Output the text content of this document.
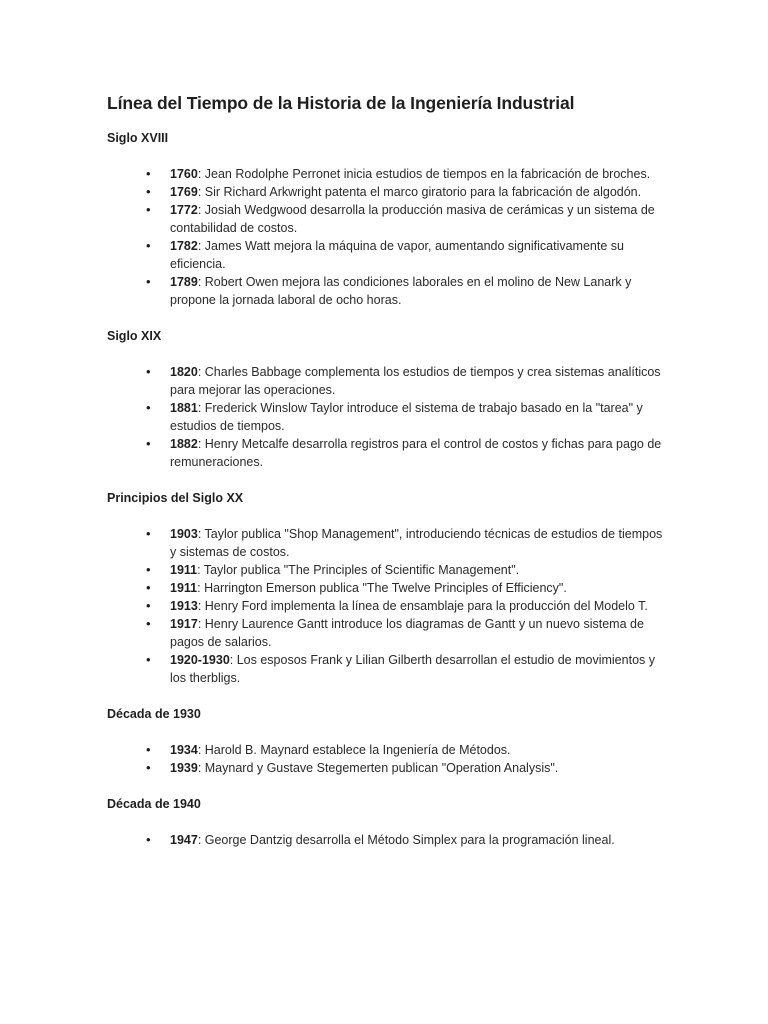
Línea del Tiempo de la Historia de la Ingeniería Industrial
Siglo XVIII
• 1760: Jean Rodolphe Perronet inicia estudios de tiempos en la fabricación de broches.
• 1769: Sir Richard Arkwright patenta el marco giratorio para la fabricación de algodón.
• 1772: Josiah Wedgwood desarrolla la producción masiva de cerámicas y un sistema de contabilidad de costos.
• 1782: James Watt mejora la máquina de vapor, aumentando significativamente su eficiencia.
• 1789: Robert Owen mejora las condiciones laborales en el molino de New Lanark y propone la jornada laboral de ocho horas.
Siglo XIX
• 1820: Charles Babbage complementa los estudios de tiempos y crea sistemas analíticos para mejorar las operaciones.
• 1881: Frederick Winslow Taylor introduce el sistema de trabajo basado en la "tarea" y estudios de tiempos.
• 1882: Henry Metcalfe desarrolla registros para el control de costos y fichas para pago de remuneraciones.
Principios del Siglo XX
• 1903: Taylor publica "Shop Management", introduciendo técnicas de estudios de tiempos y sistemas de costos.
• 1911: Taylor publica "The Principles of Scientific Management".
• 1911: Harrington Emerson publica "The Twelve Principles of Efficiency".
• 1913: Henry Ford implementa la línea de ensamblaje para la producción del Modelo T.
• 1917: Henry Laurence Gantt introduce los diagramas de Gantt y un nuevo sistema de pagos de salarios.
• 1920-1930: Los esposos Frank y Lilian Gilberth desarrollan el estudio de movimientos y los therbligs.
Década de 1930
• 1934: Harold B. Maynard establece la Ingeniería de Métodos.
• 1939: Maynard y Gustave Stegemerten publican "Operation Analysis".
Década de 1940
• 1947: George Dantzig desarrolla el Método Simplex para la programación lineal.
